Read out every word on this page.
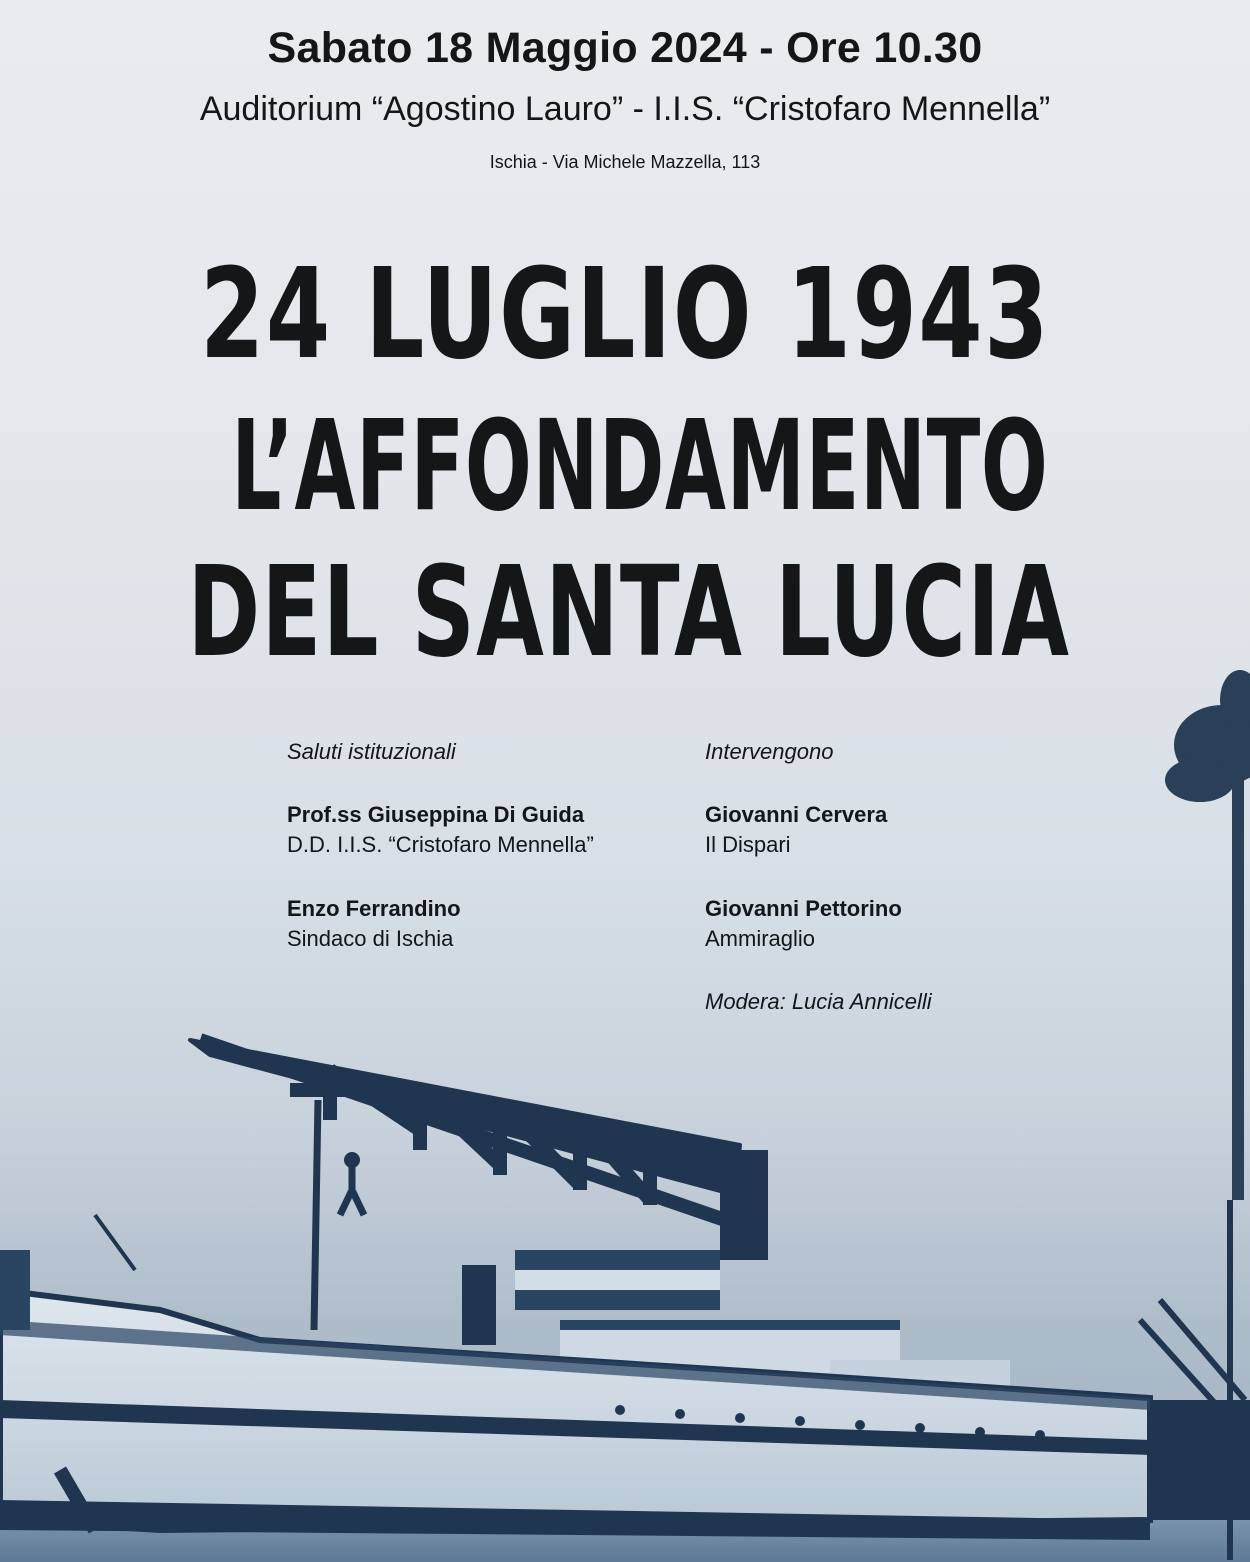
Sabato 18 Maggio 2024 - Ore 10.30

Auditorium “Agostino Lauro” - I.I.S. “Cristofaro Mennella”

Ischia - Via Michele Mazzella, 113

24 LUGLIO 1943
L’AFFONDAMENTO
DEL SANTA LUCIA

Saluti istituzionali

Prof.ss Giuseppina Di Guida
D.D. I.I.S. “Cristofaro Mennella”
Enzo Ferrandino
Sindaco di Ischia

Intervengono

Giovanni Cervera
Il Dispari
Giovanni Pettorino
Ammiraglio

Modera: Lucia Annicelli
